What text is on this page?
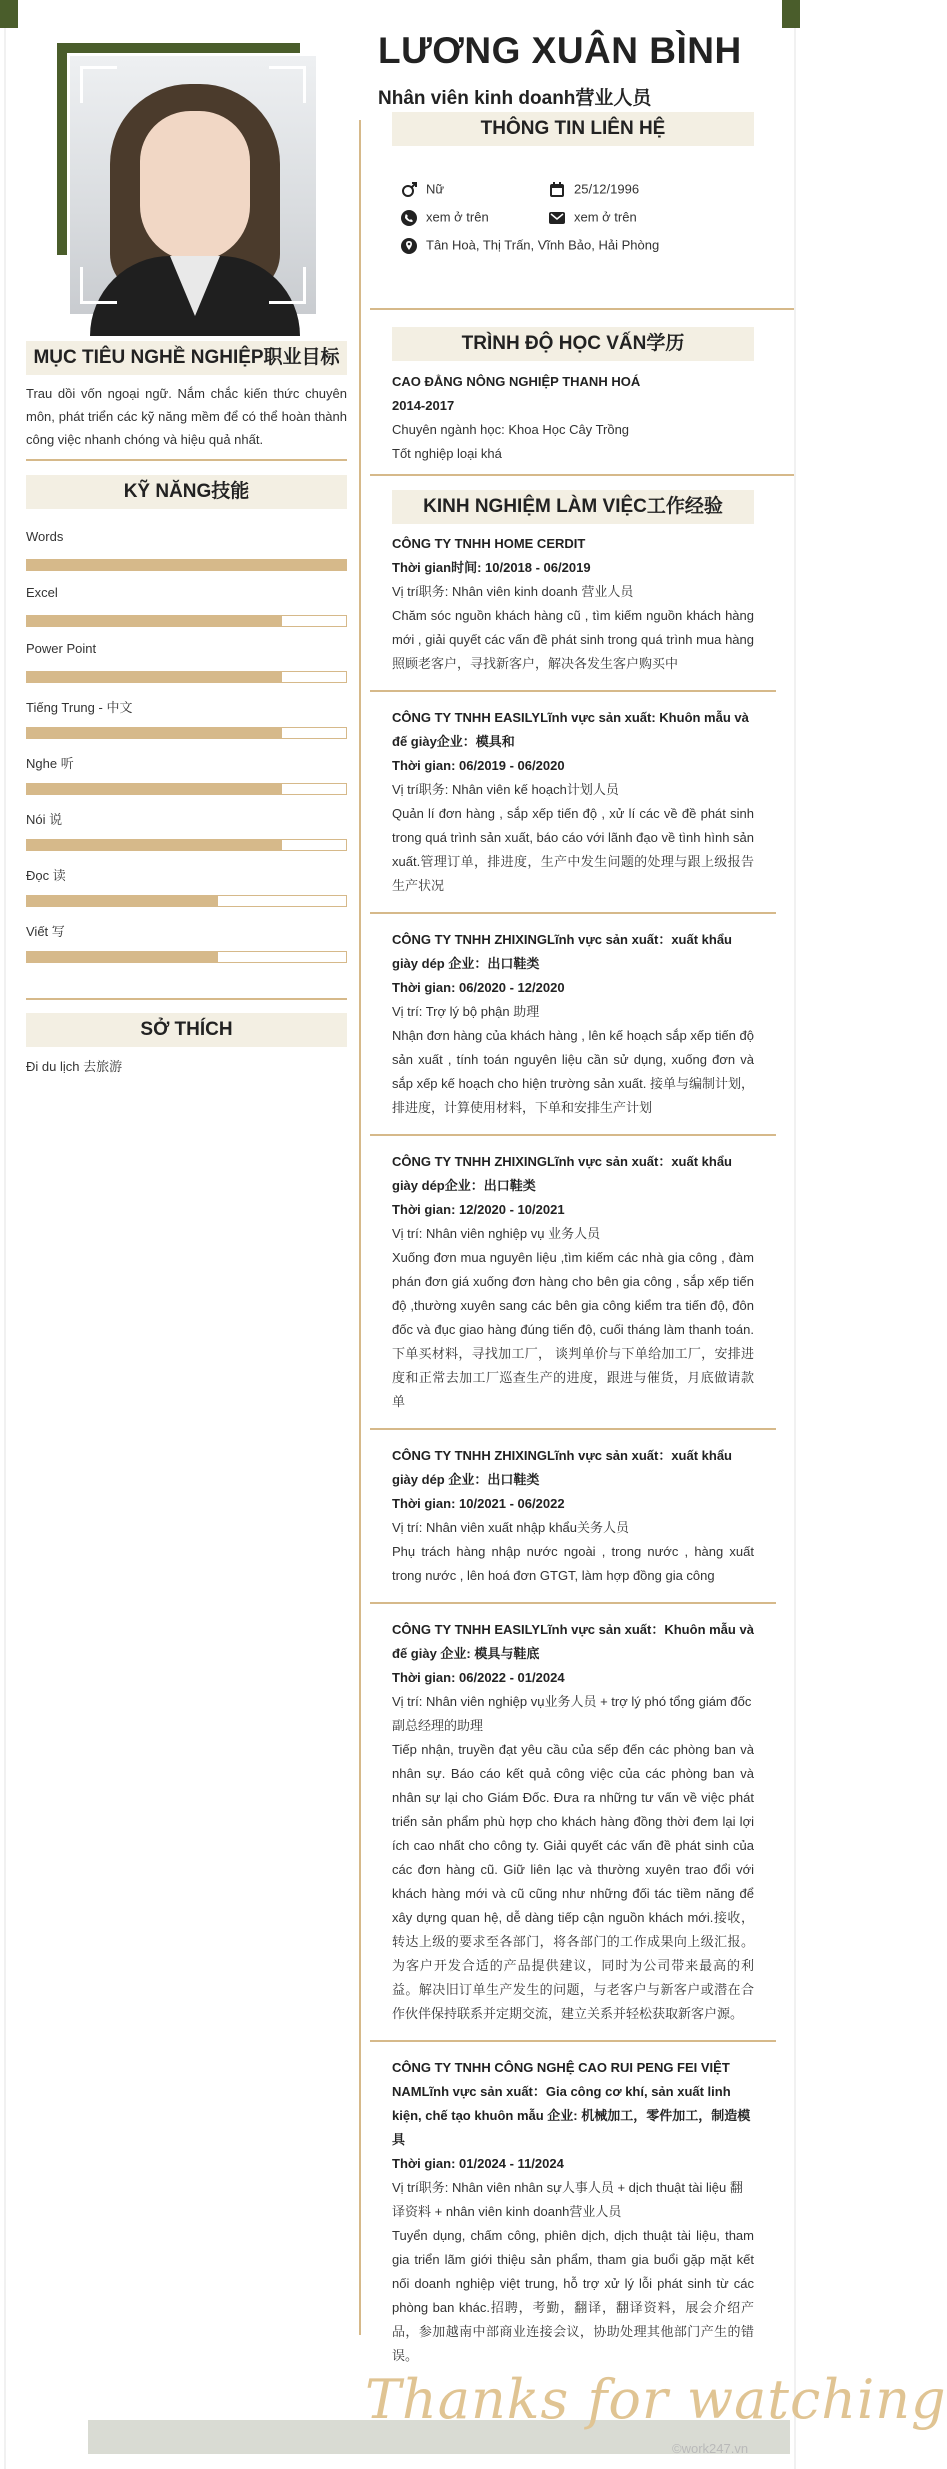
LƯƠNG XUÂN BÌNH
Nhân viên kinh doanh营业人员
THÔNG TIN LIÊN HỆ
Nữ	25/12/1996
xem ở trên	xem ở trên
Tân Hoà, Thị Trấn, Vĩnh Bảo, Hải Phòng
MỤC TIÊU NGHỀ NGHIỆP职业目标
Trau dồi vốn ngoại ngữ. Nắm chắc kiến thức chuyên môn, phát triển các kỹ năng mềm để có thể hoàn thành công việc nhanh chóng và hiệu quả nhất.
KỸ NĂNG技能
Words
Excel
Power Point
Tiếng Trung - 中文
Nghe 听
Nói 说
Đọc 读
Viết 写
SỞ THÍCH
Đi du lịch 去旅游
TRÌNH ĐỘ HỌC VẤN学历
CAO ĐẲNG NÔNG NGHIỆP THANH HOÁ
2014-2017
Chuyên ngành học: Khoa Học Cây Trồng
Tốt nghiệp loại khá
KINH NGHIỆM LÀM VIỆC工作经验
CÔNG TY TNHH HOME CERDIT
Thời gian时间: 10/2018 - 06/2019
Vị trí职务: Nhân viên kinh doanh 营业人员
Chăm sóc nguồn khách hàng cũ , tìm kiếm nguồn khách hàng mới , giải quyết các vấn đề phát sinh trong quá trình mua hàng 照顾老客户，寻找新客户，解决各发生客户购买中
CÔNG TY TNHH EASILYLĩnh vực sản xuất: Khuôn mẫu và đế giày企业：模具和
Thời gian: 06/2019 - 06/2020
Vị trí职务: Nhân viên kế hoạch计划人员
Quản lí đơn hàng , sắp xếp tiến độ , xử lí các về đề phát sinh trong quá trình sản xuất, báo cáo với lãnh đạo về tình hình sản xuất.管理订单，排进度，生产中发生问题的处理与跟上级报告生产状况
CÔNG TY TNHH ZHIXINGLĩnh vực sản xuất：xuất khẩu giày dép 企业：出口鞋类
Thời gian: 06/2020 - 12/2020
Vị trí: Trợ lý bộ phận 助理
Nhận đơn hàng của khách hàng , lên kế hoạch sắp xếp tiến độ sản xuất , tính toán nguyên liệu cần sử dụng, xuống đơn và sắp xếp kế hoạch cho hiện trường sản xuất. 接单与编制计划，排进度，计算使用材料，下单和安排生产计划
CÔNG TY TNHH ZHIXINGLĩnh vực sản xuất：xuất khẩu giày dép企业：出口鞋类
Thời gian: 12/2020 - 10/2021
Vị trí: Nhân viên nghiệp vụ 业务人员
Xuống đơn mua nguyên liệu ,tìm kiếm các nhà gia công , đàm phán đơn giá xuống đơn hàng cho bên gia công , sắp xếp tiến độ ,thường xuyên sang các bên gia công kiểm tra tiến độ, đôn đốc và đục giao hàng đúng tiến độ, cuối tháng làm thanh toán.下单买材料，寻找加工厂， 谈判单价与下单给加工厂，安排进度和正常去加工厂巡查生产的进度，跟进与催货，月底做请款单
CÔNG TY TNHH ZHIXINGLĩnh vực sản xuất：xuất khẩu giày dép 企业：出口鞋类
Thời gian: 10/2021 - 06/2022
Vị trí: Nhân viên xuất nhập khẩu关务人员
Phụ trách hàng nhập nước ngoài , trong nước , hàng xuất trong nước , lên hoá đơn GTGT, làm hợp đồng gia công
CÔNG TY TNHH EASILYLĩnh vực sản xuất：Khuôn mẫu và đế giày 企业: 模具与鞋底
Thời gian: 06/2022 - 01/2024
Vị trí: Nhân viên nghiệp vụ业务人员 + trợ lý phó tổng giám đốc副总经理的助理
Tiếp nhận, truyền đạt yêu cầu của sếp đến các phòng ban và nhân sự. Báo cáo kết quả công việc của các phòng ban và nhân sự lại cho Giám Đốc. Đưa ra những tư vấn về việc phát triển sản phẩm phù hợp cho khách hàng đồng thời đem lại lợi ích cao nhất cho công ty. Giải quyết các vấn đề phát sinh của các đơn hàng cũ. Giữ liên lạc và thường xuyên trao đổi với khách hàng mới và cũ cũng như những đối tác tiềm năng để xây dựng quan hệ, dễ dàng tiếp cận nguồn khách mới.接收，转达上级的要求至各部门，将各部门的工作成果向上级汇报。为客户开发合适的产品提供建议，同时为公司带来最高的利益。解决旧订单生产发生的问题，与老客户与新客户或潜在合作伙伴保持联系并定期交流，建立关系并轻松获取新客户源。
CÔNG TY TNHH CÔNG NGHỆ CAO RUI PENG FEI VIỆT NAMLĩnh vực sản xuất：Gia công cơ khí, sản xuất linh kiện, chế tạo khuôn mẫu 企业: 机械加工，零件加工，制造模具
Thời gian: 01/2024 - 11/2024
Vị trí职务: Nhân viên nhân sự人事人员 + dịch thuật tài liệu 翻译资料 + nhân viên kinh doanh营业人员
Tuyển dụng, chấm công, phiên dịch, dịch thuật tài liệu, tham gia triển lãm giới thiệu sản phẩm, tham gia buổi gặp mặt kết nối doanh nghiệp việt trung, hỗ trợ xử lý lỗi phát sinh từ các phòng ban khác.招聘，考勤，翻译，翻译资料，展会介绍产品，参加越南中部商业连接会议，协助处理其他部门产生的错误。
Thanks for watching
©work247.vn
